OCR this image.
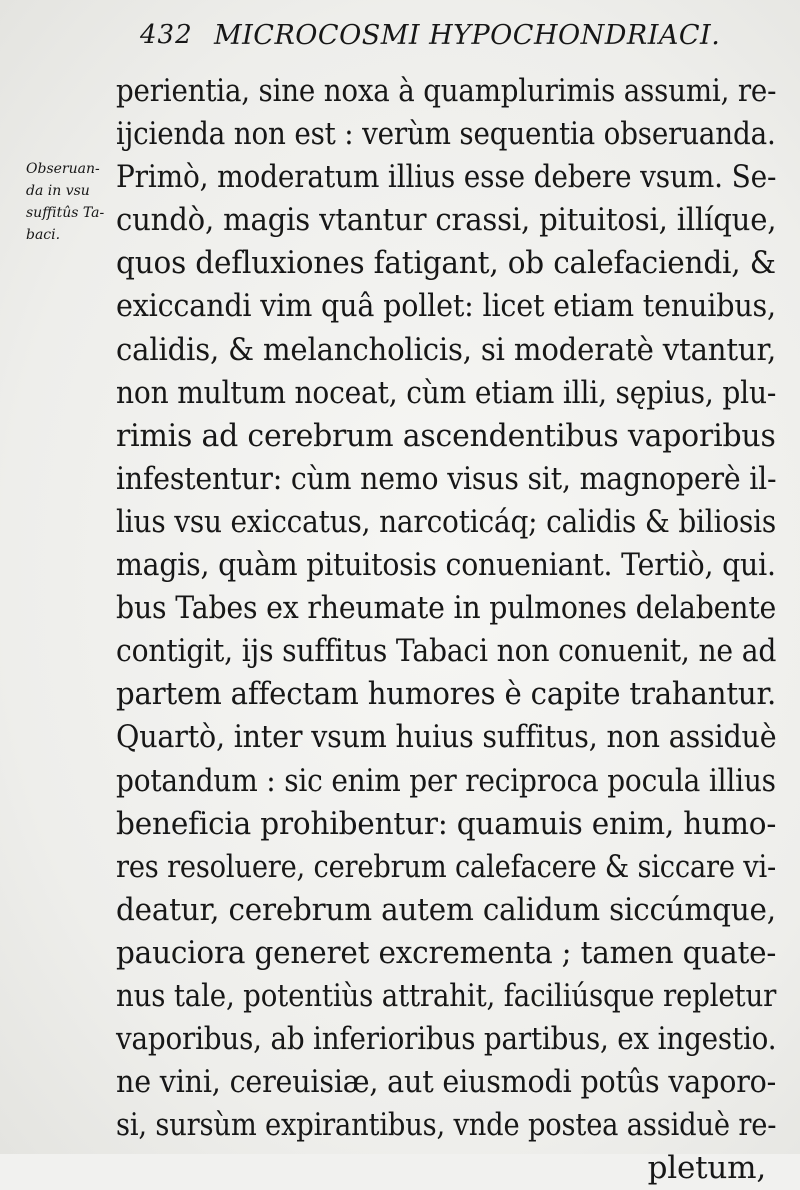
432 MICROCOSMI HYPOCHONDRIACI.
Obseruan-
da in vsu
suffitûs Ta-
baci.
perientia, sine noxa à quamplurimis assumi, re-
ijcienda non est : verùm sequentia obseruanda.
Primò, moderatum illius esse debere vsum. Se-
cundò, magis vtantur crassi, pituitosi, illíque,
quos defluxiones fatigant, ob calefaciendi, &
exiccandi vim quâ pollet: licet etiam tenuibus,
calidis, & melancholicis, si moderatè vtantur,
non multum noceat, cùm etiam illi, sępius, plu-
rimis ad cerebrum ascendentibus vaporibus
infestentur: cùm nemo visus sit, magnoperè il-
lius vsu exiccatus, narcoticáq; calidis & biliosis
magis, quàm pituitosis conueniant. Tertiò, qui.
bus Tabes ex rheumate in pulmones delabente
contigit, ijs suffitus Tabaci non conuenit, ne ad
partem affectam humores è capite trahantur.
Quartò, inter vsum huius suffitus, non assiduè
potandum : sic enim per reciproca pocula illius
beneficia prohibentur: quamuis enim, humo-
res resoluere, cerebrum calefacere & siccare vi-
deatur, cerebrum autem calidum siccúmque,
pauciora generet excrementa ; tamen quate-
nus tale, potentiùs attrahit, faciliúsque repletur
vaporibus, ab inferioribus partibus, ex ingestio.
ne vini, cereuisiæ, aut eiusmodi potûs vaporo-
si, sursùm expirantibus, vnde postea assiduè re-
pletum,
